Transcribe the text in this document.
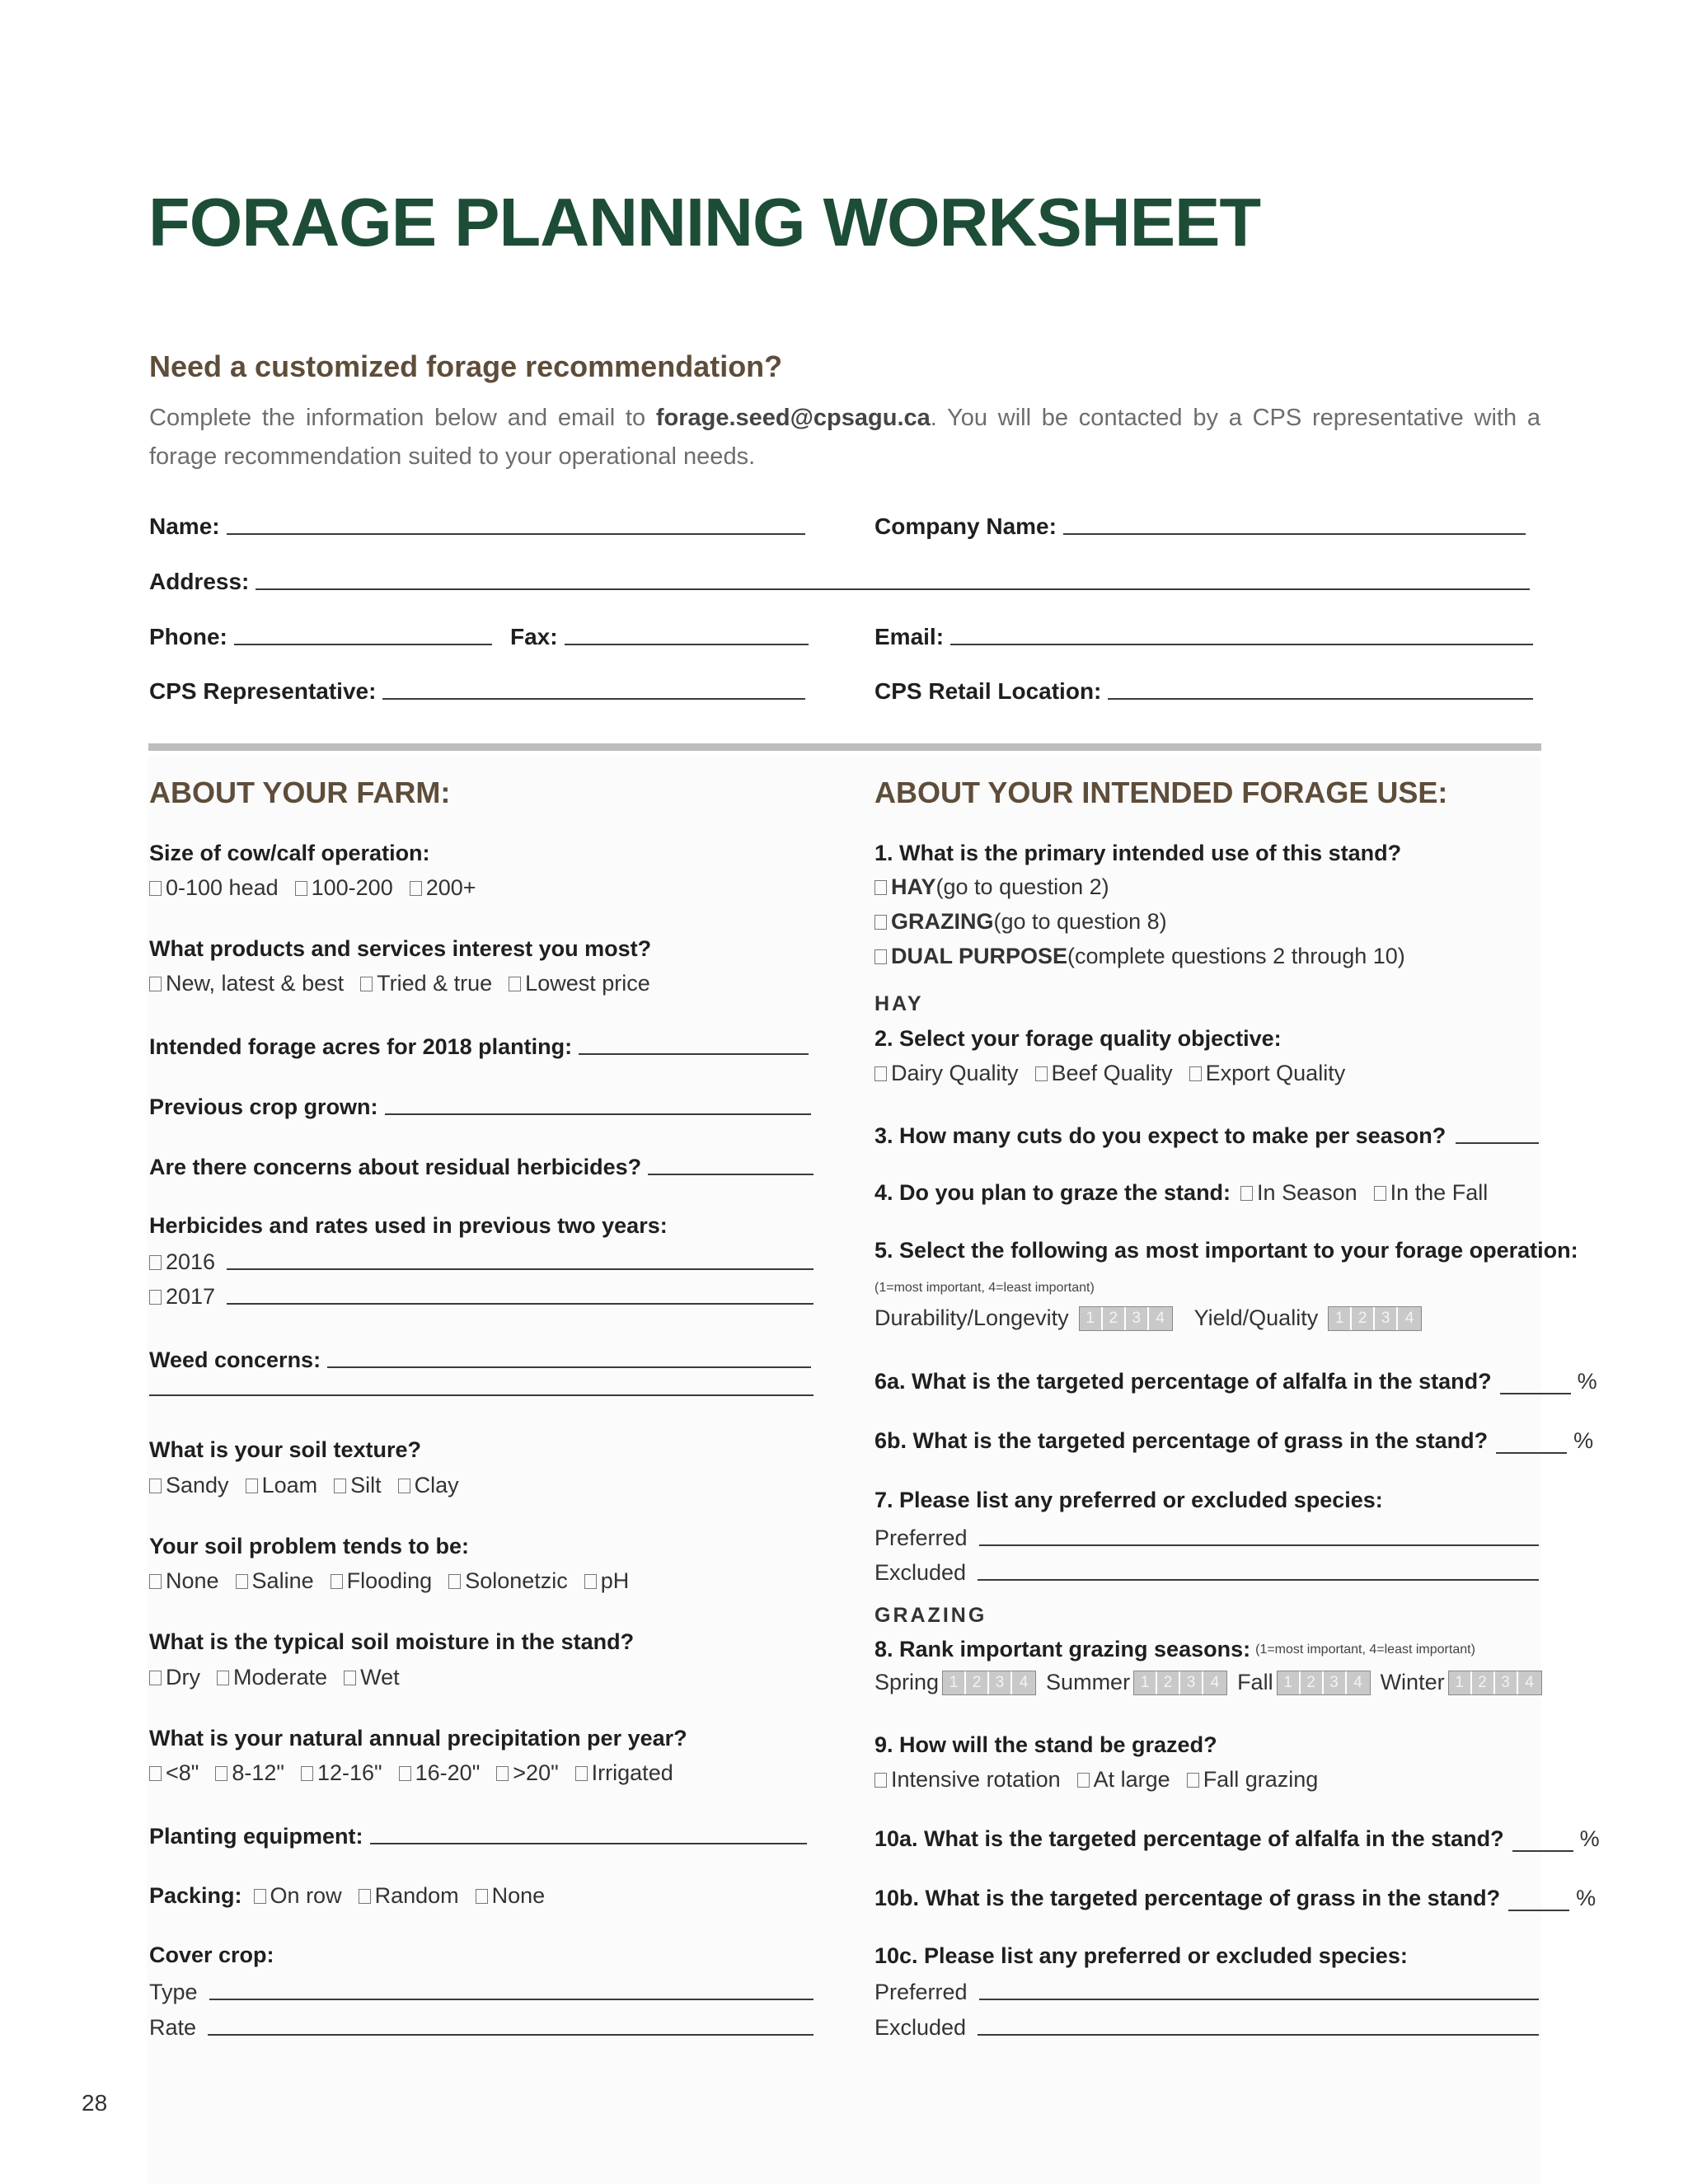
FORAGE PLANNING WORKSHEET
Need a customized forage recommendation?
Complete the information below and email to forage.seed@cpsagu.ca. You will be contacted by a CPS representative with a forage recommendation suited to your operational needs.
Name:	Company Name:
Address:
Phone:	Fax:	Email:
CPS Representative:	CPS Retail Location:
ABOUT YOUR FARM:
Size of cow/calf operation:
0-100 head 100-200 200+
What products and services interest you most?
New, latest & best Tried & true Lowest price
Intended forage acres for 2018 planting:
Previous crop grown:
Are there concerns about residual herbicides?
Herbicides and rates used in previous two years:
2016
2017
Weed concerns:
What is your soil texture?
Sandy Loam Silt Clay
Your soil problem tends to be:
None Saline Flooding Solonetzic pH
What is the typical soil moisture in the stand?
Dry Moderate Wet
What is your natural annual precipitation per year?
<8" 8-12" 12-16" 16-20" >20" Irrigated
Planting equipment:
Packing: On row Random None
Cover crop:
Type
Rate
ABOUT YOUR INTENDED FORAGE USE:
1. What is the primary intended use of this stand?
HAY (go to question 2)
GRAZING (go to question 8)
DUAL PURPOSE (complete questions 2 through 10)
HAY
2. Select your forage quality objective:
Dairy Quality Beef Quality Export Quality
3. How many cuts do you expect to make per season?
4. Do you plan to graze the stand: In Season In the Fall
5. Select the following as most important to your forage operation:
(1=most important, 4=least important)
Durability/Longevity	1 2 3 4	Yield/Quality	1 2 3 4
6a. What is the targeted percentage of alfalfa in the stand?	%
6b. What is the targeted percentage of grass in the stand?	%
7. Please list any preferred or excluded species:
Preferred
Excluded
GRAZING
8. Rank important grazing seasons: (1=most important, 4=least important)
Spring 1 2 3 4 Summer 1 2 3 4 Fall 1 2 3 4 Winter 1 2 3 4
9. How will the stand be grazed?
Intensive rotation At large Fall grazing
10a. What is the targeted percentage of alfalfa in the stand?	%
10b. What is the targeted percentage of grass in the stand?	%
10c. Please list any preferred or excluded species:
Preferred
Excluded
28
